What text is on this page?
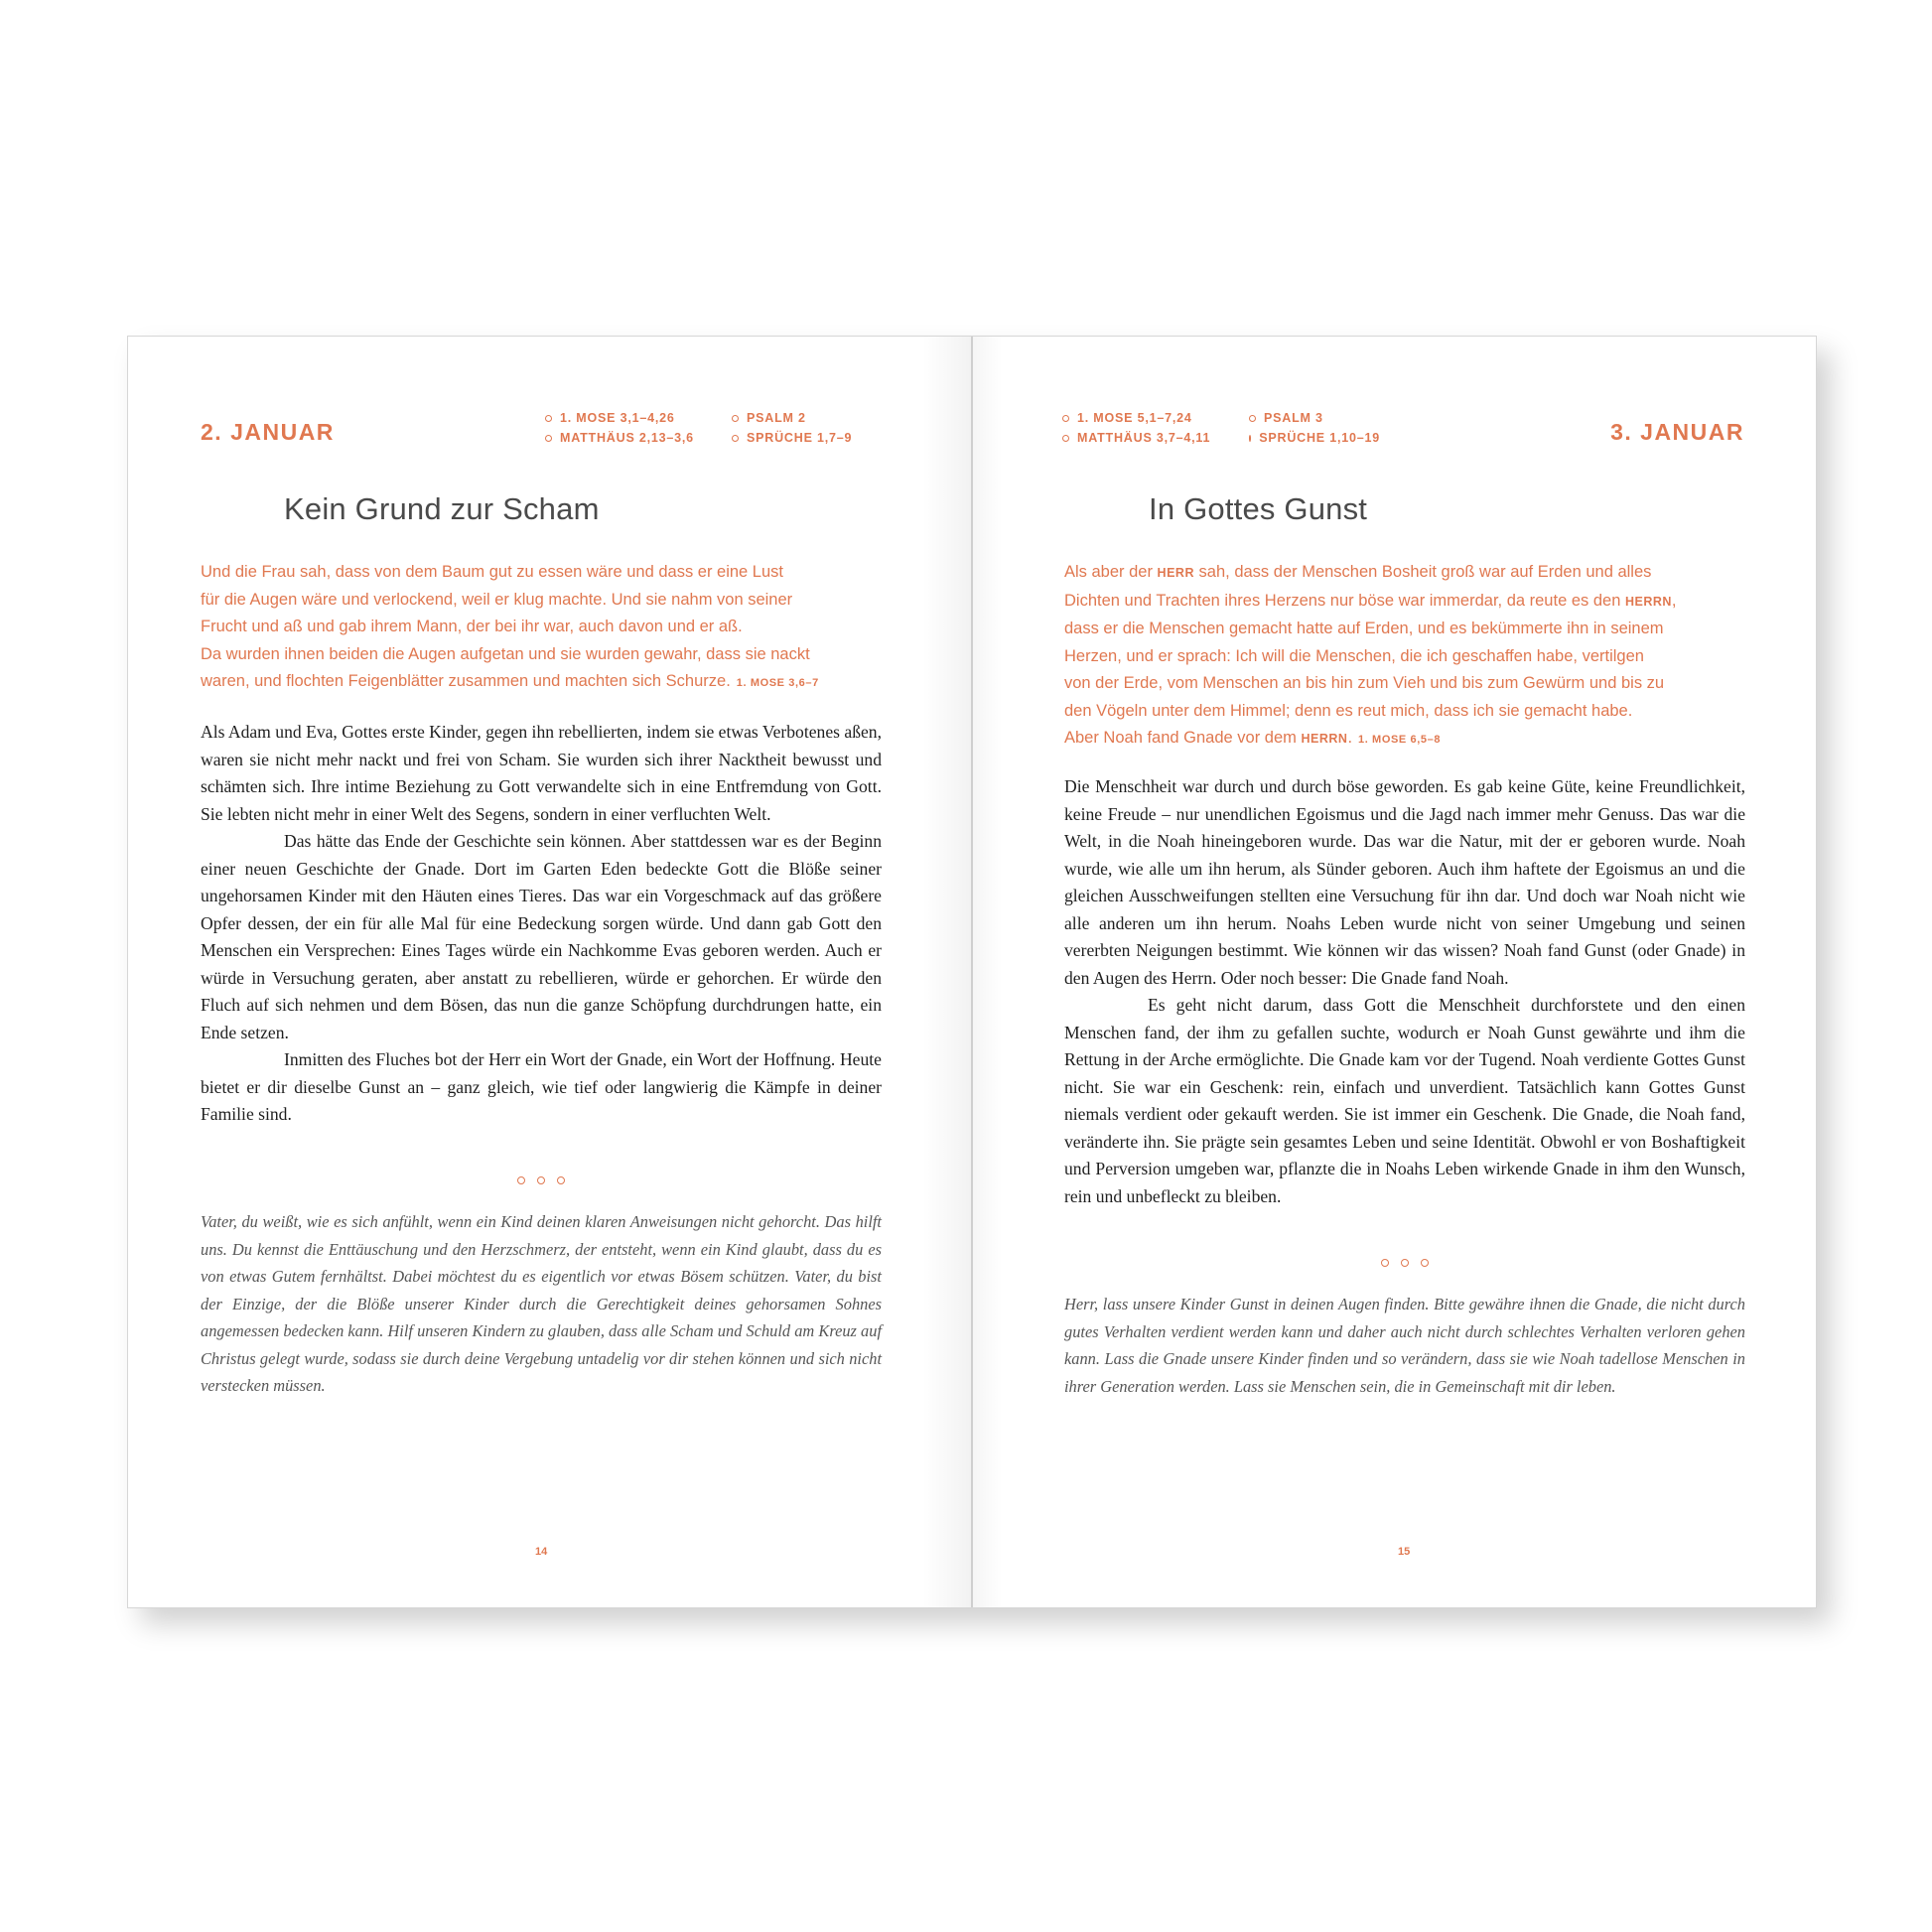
2. JANUAR
1. MOSE 3,1–4,26	PSALM 2
MATTHÄUS 2,13–3,6	SPRÜCHE 1,7–9
Kein Grund zur Scham
Und die Frau sah, dass von dem Baum gut zu essen wäre und dass er eine Lust
für die Augen wäre und verlockend, weil er klug machte. Und sie nahm von seiner
Frucht und aß und gab ihrem Mann, der bei ihr war, auch davon und er aß.
Da wurden ihnen beiden die Augen aufgetan und sie wurden gewahr, dass sie nackt
waren, und flochten Feigenblätter zusammen und machten sich Schurze. 1. MOSE 3,6–7

Als Adam und Eva, Gottes erste Kinder, gegen ihn rebellierten, indem sie etwas Verbotenes aßen, waren sie nicht mehr nackt und frei von Scham. Sie wurden sich ihrer Nacktheit bewusst und schämten sich. Ihre intime Beziehung zu Gott verwandelte sich in eine Entfremdung von Gott. Sie lebten nicht mehr in einer Welt des Segens, sondern in einer verfluchten Welt.

Das hätte das Ende der Geschichte sein können. Aber stattdessen war es der Beginn einer neuen Geschichte der Gnade. Dort im Garten Eden bedeckte Gott die Blöße seiner ungehorsamen Kinder mit den Häuten eines Tieres. Das war ein Vorgeschmack auf das größere Opfer dessen, der ein für alle Mal für eine Bedeckung sorgen würde. Und dann gab Gott den Menschen ein Versprechen: Eines Tages würde ein Nachkomme Evas geboren werden. Auch er würde in Versuchung geraten, aber anstatt zu rebellieren, würde er gehorchen. Er würde den Fluch auf sich nehmen und dem Bösen, das nun die ganze Schöpfung durchdrungen hatte, ein Ende setzen.

Inmitten des Fluches bot der Herr ein Wort der Gnade, ein Wort der Hoffnung. Heute bietet er dir dieselbe Gunst an – ganz gleich, wie tief oder langwierig die Kämpfe in deiner Familie sind.

Vater, du weißt, wie es sich anfühlt, wenn ein Kind deinen klaren Anweisungen nicht gehorcht. Das hilft uns. Du kennst die Enttäuschung und den Herzschmerz, der entsteht, wenn ein Kind glaubt, dass du es von etwas Gutem fernhältst. Dabei möchtest du es eigentlich vor etwas Bösem schützen. Vater, du bist der Einzige, der die Blöße unserer Kinder durch die Gerechtigkeit deines gehorsamen Sohnes angemessen bedecken kann. Hilf unseren Kindern zu glauben, dass alle Scham und Schuld am Kreuz auf Christus gelegt wurde, sodass sie durch deine Vergebung untadelig vor dir stehen können und sich nicht verstecken müssen.
14
1. MOSE 5,1–7,24	PSALM 3
MATTHÄUS 3,7–4,11	SPRÜCHE 1,10–19	3. JANUAR
In Gottes Gunst
Als aber der HERR sah, dass der Menschen Bosheit groß war auf Erden und alles
Dichten und Trachten ihres Herzens nur böse war immerdar, da reute es den HERRN,
dass er die Menschen gemacht hatte auf Erden, und es bekümmerte ihn in seinem
Herzen, und er sprach: Ich will die Menschen, die ich geschaffen habe, vertilgen
von der Erde, vom Menschen an bis hin zum Vieh und bis zum Gewürm und bis zu
den Vögeln unter dem Himmel; denn es reut mich, dass ich sie gemacht habe.
Aber Noah fand Gnade vor dem HERRN. 1. MOSE 6,5–8

Die Menschheit war durch und durch böse geworden. Es gab keine Güte, keine Freundlichkeit, keine Freude – nur unendlichen Egoismus und die Jagd nach immer mehr Genuss. Das war die Welt, in die Noah hineingeboren wurde. Das war die Natur, mit der er geboren wurde. Noah wurde, wie alle um ihn herum, als Sünder geboren. Auch ihm haftete der Egoismus an und die gleichen Ausschweifungen stellten eine Versuchung für ihn dar. Und doch war Noah nicht wie alle anderen um ihn herum. Noahs Leben wurde nicht von seiner Umgebung und seinen vererbten Neigungen bestimmt. Wie können wir das wissen? Noah fand Gunst (oder Gnade) in den Augen des Herrn. Oder noch besser: Die Gnade fand Noah.

Es geht nicht darum, dass Gott die Menschheit durchforstete und den einen Menschen fand, der ihm zu gefallen suchte, wodurch er Noah Gunst gewährte und ihm die Rettung in der Arche ermöglichte. Die Gnade kam vor der Tugend. Noah verdiente Gottes Gunst nicht. Sie war ein Geschenk: rein, einfach und unverdient. Tatsächlich kann Gottes Gunst niemals verdient oder gekauft werden. Sie ist immer ein Geschenk. Die Gnade, die Noah fand, veränderte ihn. Sie prägte sein gesamtes Leben und seine Identität. Obwohl er von Boshaftigkeit und Perversion umgeben war, pflanzte die in Noahs Leben wirkende Gnade in ihm den Wunsch, rein und unbefleckt zu bleiben.

Herr, lass unsere Kinder Gunst in deinen Augen finden. Bitte gewähre ihnen die Gnade, die nicht durch gutes Verhalten verdient werden kann und daher auch nicht durch schlechtes Verhalten verloren gehen kann. Lass die Gnade unsere Kinder finden und so verändern, dass sie wie Noah tadellose Menschen in ihrer Generation werden. Lass sie Menschen sein, die in Gemeinschaft mit dir leben.
15
